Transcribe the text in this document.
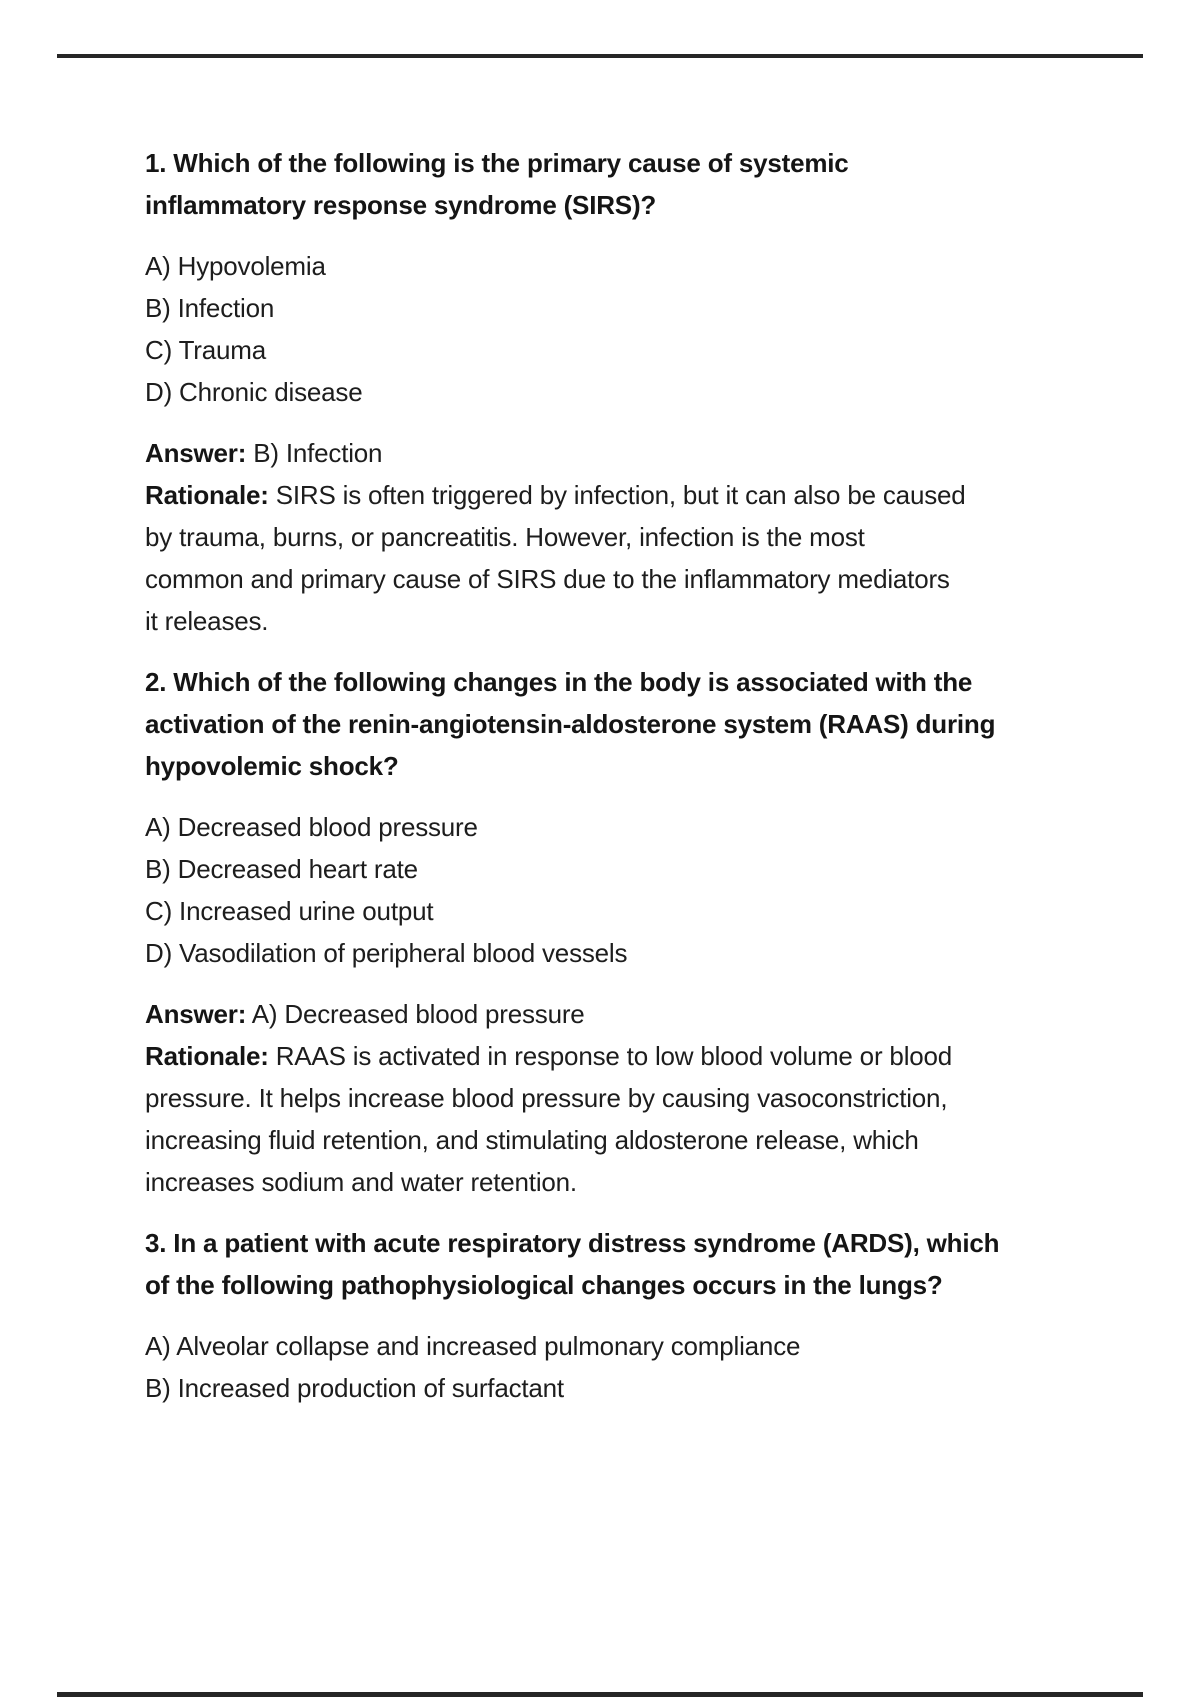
1. Which of the following is the primary cause of systemic
inflammatory response syndrome (SIRS)?
A) Hypovolemia
B) Infection
C) Trauma
D) Chronic disease
Answer: B) Infection
Rationale: SIRS is often triggered by infection, but it can also be caused
by trauma, burns, or pancreatitis. However, infection is the most
common and primary cause of SIRS due to the inflammatory mediators
it releases.
2. Which of the following changes in the body is associated with the
activation of the renin-angiotensin-aldosterone system (RAAS) during
hypovolemic shock?
A) Decreased blood pressure
B) Decreased heart rate
C) Increased urine output
D) Vasodilation of peripheral blood vessels
Answer: A) Decreased blood pressure
Rationale: RAAS is activated in response to low blood volume or blood
pressure. It helps increase blood pressure by causing vasoconstriction,
increasing fluid retention, and stimulating aldosterone release, which
increases sodium and water retention.
3. In a patient with acute respiratory distress syndrome (ARDS), which
of the following pathophysiological changes occurs in the lungs?
A) Alveolar collapse and increased pulmonary compliance
B) Increased production of surfactant
